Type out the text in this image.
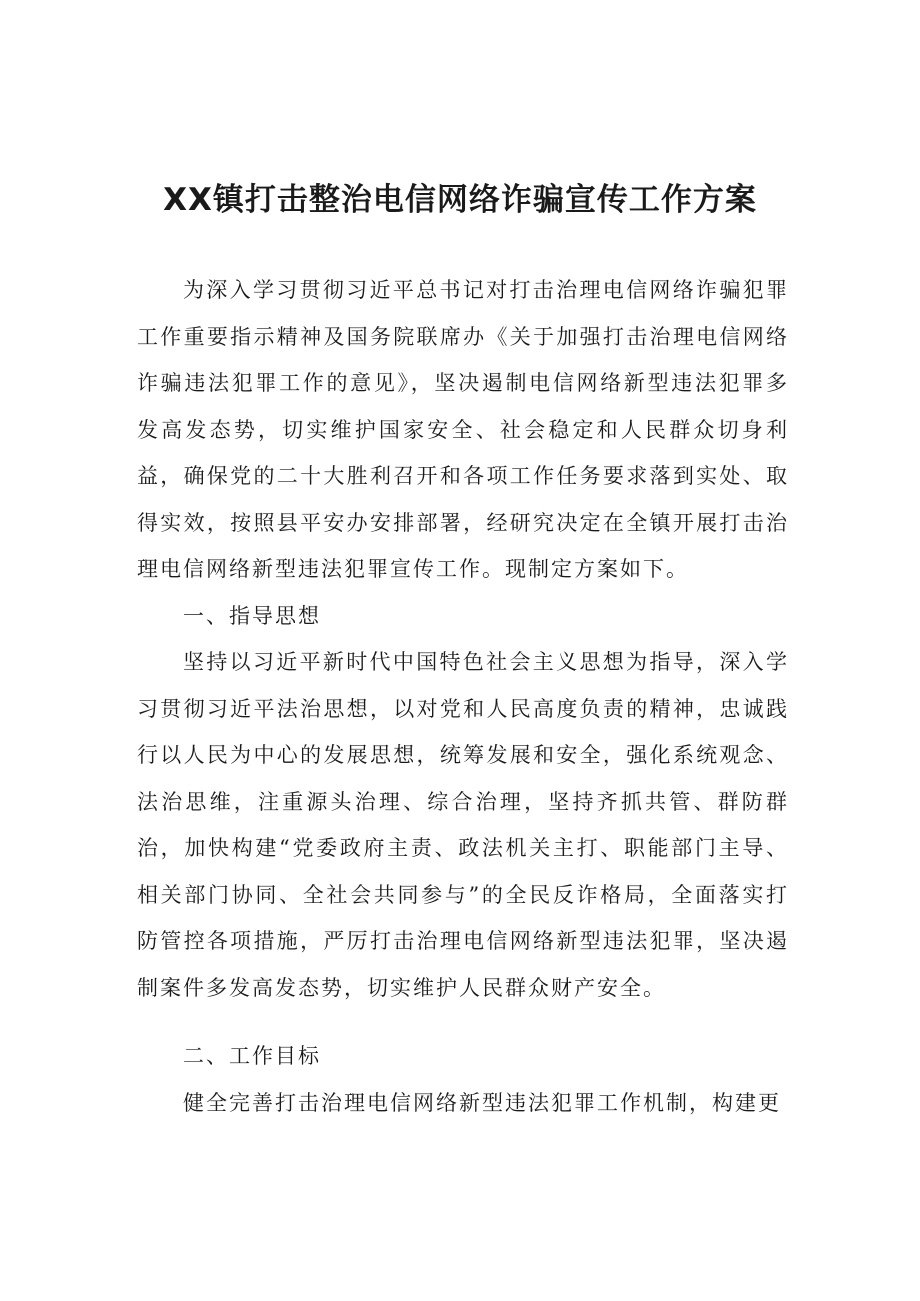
XX镇打击整治电信网络诈骗宣传工作方案

为深入学习贯彻习近平总书记对打击治理电信网络诈骗犯罪工作重要指示精神及国务院联席办《关于加强打击治理电信网络诈骗违法犯罪工作的意见》，坚决遏制电信网络新型违法犯罪多发高发态势，切实维护国家安全、社会稳定和人民群众切身利益，确保党的二十大胜利召开和各项工作任务要求落到实处、取得实效，按照县平安办安排部署，经研究决定在全镇开展打击治理电信网络新型违法犯罪宣传工作。现制定方案如下。

一、指导思想

坚持以习近平新时代中国特色社会主义思想为指导，深入学习贯彻习近平法治思想，以对党和人民高度负责的精神，忠诚践行以人民为中心的发展思想，统筹发展和安全，强化系统观念、法治思维，注重源头治理、综合治理，坚持齐抓共管、群防群治，加快构建“党委政府主责、政法机关主打、职能部门主导、相关部门协同、全社会共同参与”的全民反诈格局，全面落实打防管控各项措施，严厉打击治理电信网络新型违法犯罪，坚决遏制案件多发高发态势，切实维护人民群众财产安全。

二、工作目标

健全完善打击治理电信网络新型违法犯罪工作机制，构建更
